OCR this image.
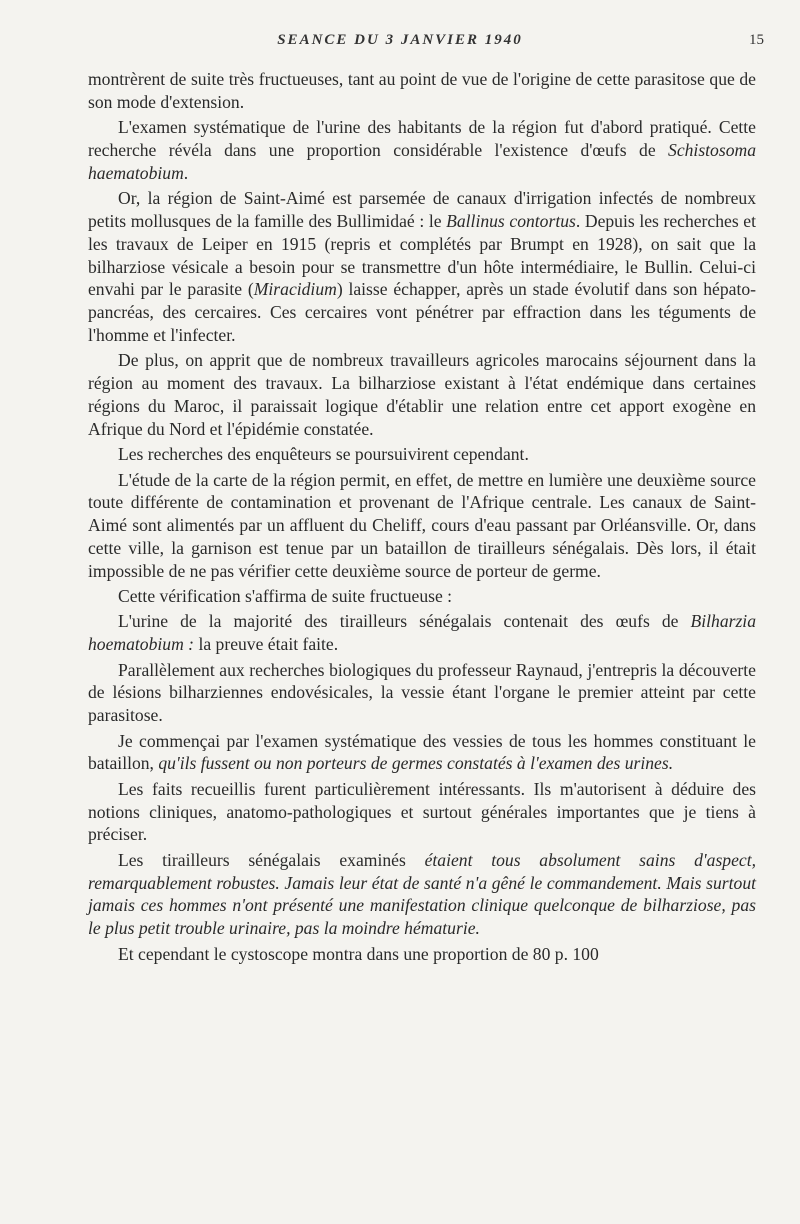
SEANCE DU 3 JANVIER 1940	15

montrèrent de suite très fructueuses, tant au point de vue de l'origine de cette parasitose que de son mode d'extension.

L'examen systématique de l'urine des habitants de la région fut d'abord pratiqué. Cette recherche révéla dans une proportion considérable l'existence d'œufs de Schistosoma haematobium.

Or, la région de Saint-Aimé est parsemée de canaux d'irrigation infectés de nombreux petits mollusques de la famille des Bullimidaé : le Ballinus contortus. Depuis les recherches et les travaux de Leiper en 1915 (repris et complétés par Brumpt en 1928), on sait que la bilharziose vésicale a besoin pour se transmettre d'un hôte intermédiaire, le Bullin. Celui-ci envahi par le parasite (Miracidium) laisse échapper, après un stade évolutif dans son hépato-pancréas, des cercaires. Ces cercaires vont pénétrer par effraction dans les téguments de l'homme et l'infecter.

De plus, on apprit que de nombreux travailleurs agricoles marocains séjournent dans la région au moment des travaux. La bilharziose existant à l'état endémique dans certaines régions du Maroc, il paraissait logique d'établir une relation entre cet apport exogène en Afrique du Nord et l'épidémie constatée.

Les recherches des enquêteurs se poursuivirent cependant.

L'étude de la carte de la région permit, en effet, de mettre en lumière une deuxième source toute différente de contamination et provenant de l'Afrique centrale. Les canaux de Saint-Aimé sont alimentés par un affluent du Cheliff, cours d'eau passant par Orléansville. Or, dans cette ville, la garnison est tenue par un bataillon de tirailleurs sénégalais. Dès lors, il était impossible de ne pas vérifier cette deuxième source de porteur de germe.

Cette vérification s'affirma de suite fructueuse :

L'urine de la majorité des tirailleurs sénégalais contenait des œufs de Bilharzia hoematobium : la preuve était faite.

Parallèlement aux recherches biologiques du professeur Raynaud, j'entrepris la découverte de lésions bilharziennes endovésicales, la vessie étant l'organe le premier atteint par cette parasitose.

Je commençai par l'examen systématique des vessies de tous les hommes constituant le bataillon, qu'ils fussent ou non porteurs de germes constatés à l'examen des urines.

Les faits recueillis furent particulièrement intéressants. Ils m'autorisent à déduire des notions cliniques, anatomo-pathologiques et surtout générales importantes que je tiens à préciser.

Les tirailleurs sénégalais examinés étaient tous absolument sains d'aspect, remarquablement robustes. Jamais leur état de santé n'a gêné le commandement. Mais surtout jamais ces hommes n'ont présenté une manifestation clinique quelconque de bilharziose, pas le plus petit trouble urinaire, pas la moindre hématurie.

Et cependant le cystoscope montra dans une proportion de 80 p. 100
